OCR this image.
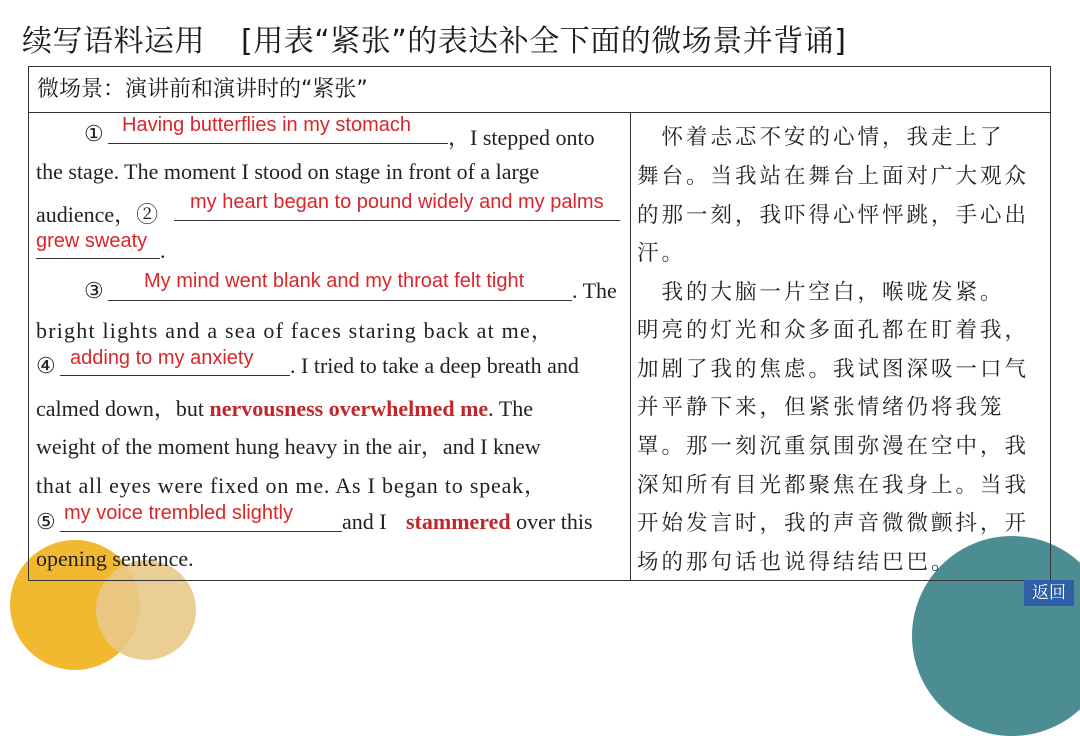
续写语料运用 [用表“紧张”的表达补全下面的微场景并背诵]
微场景：演讲前和演讲时的“紧张”
① Having butterflies in my stomach ，I stepped onto
the stage. The moment I stood on stage in front of a large
audience，② my heart began to pound widely and my palms
grew sweaty .
③ My mind went blank and my throat felt tight . The
bright lights and a sea of faces staring back at me，
④ adding to my anxiety . I tried to take a deep breath and
calmed down，but nervousness overwhelmed me. The
weight of the moment hung heavy in the air，and I knew
that all eyes were fixed on me. As I began to speak，
⑤ my voice trembled slightly and I stammered over this
opening sentence.
　怀着忐忑不安的心情，我走上了
舞台。当我站在舞台上面对广大观众
的那一刻，我吓得心怦怦跳，手心出
汗。
　我的大脑一片空白，喉咙发紧。
明亮的灯光和众多面孔都在盯着我，
加剧了我的焦虑。我试图深吸一口气
并平静下来，但紧张情绪仍将我笼
罩。那一刻沉重氛围弥漫在空中，我
深知所有目光都聚焦在我身上。当我
开始发言时，我的声音微微颤抖，开
场的那句话也说得结结巴巴。
返回
